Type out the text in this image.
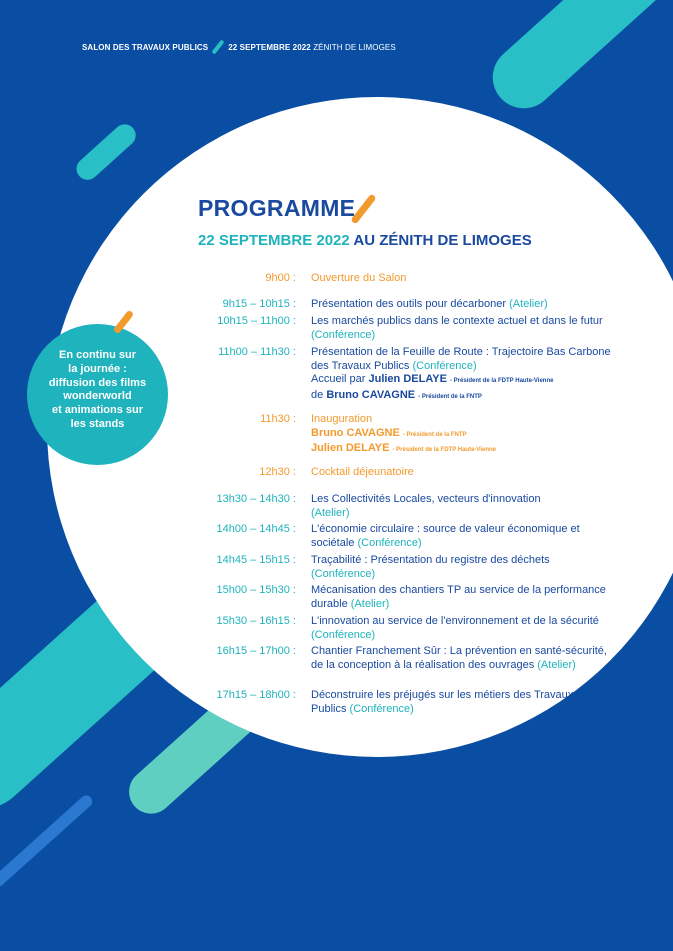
SALON DES TRAVAUX PUBLICS	22 SEPTEMBRE 2022 ZÉNITH DE LIMOGES
PROGRAMME
22 SEPTEMBRE 2022 AU ZÉNITH DE LIMOGES
En continu sur
la journée :
diffusion des films
wonderworld
et animations sur
les stands
9h00 : Ouverture du Salon
9h15 – 10h15 : Présentation des outils pour décarboner (Atelier)
10h15 – 11h00 : Les marchés publics dans le contexte actuel et dans le futur (Conférence)
11h00 – 11h30 : Présentation de la Feuille de Route : Trajectoire Bas Carbone des Travaux Publics (Conférence)
Accueil par Julien DELAYE - Président de la FDTP Haute-Vienne
de Bruno CAVAGNE - Président de la FNTP
11h30 : Inauguration
Bruno CAVAGNE - Président de la FNTP
Julien DELAYE - Président de la FDTP Haute-Vienne
12h30 : Cocktail déjeunatoire
13h30 – 14h30 : Les Collectivités Locales, vecteurs d'innovation
(Atelier)
14h00 – 14h45 : L'économie circulaire : source de valeur économique et sociétale (Conférence)
14h45 – 15h15 : Traçabilité : Présentation du registre des déchets
(Conférence)
15h00 – 15h30 : Mécanisation des chantiers TP au service de la performance durable (Atelier)
15h30 – 16h15 : L'innovation au service de l'environnement et de la sécurité (Conférence)
16h15 – 17h00 : Chantier Franchement Sûr : La prévention en santé-sécurité, de la conception à la réalisation des ouvrages (Atelier)
17h15 – 18h00 : Déconstruire les préjugés sur les métiers des Travaux Publics (Conférence)
